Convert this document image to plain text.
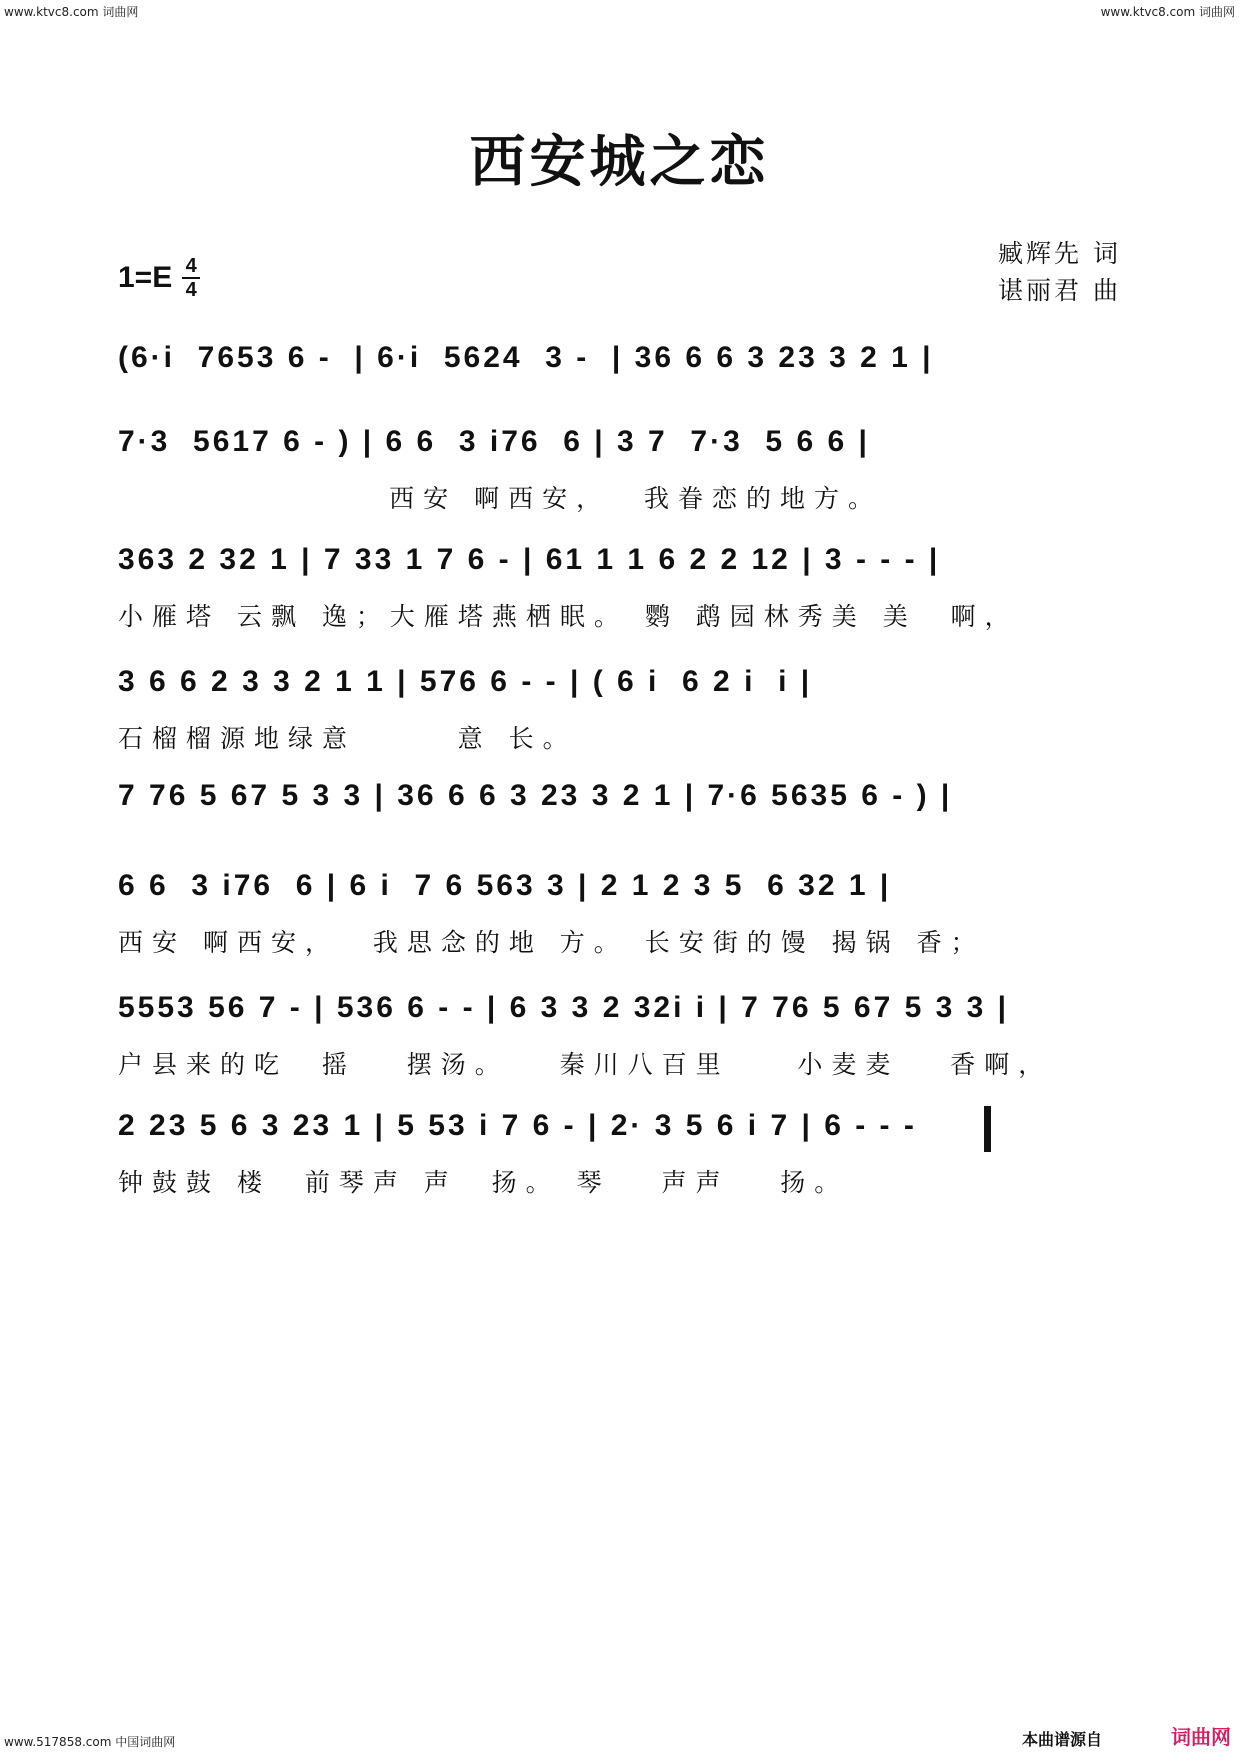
www.ktvc8.com 词曲网	www.ktvc8.com 词曲网
西安城之恋
1=E 4
4
臧辉先 词
谌丽君 曲
(6·i  7653 6 -  | 6·i  5624  3 -  | 36 6 6 3 23 3 2 1 |
7·3  5617 6 - ) | 6 6  3 i76  6 | 3 7  7·3  5 6 6 |
西安 啊西安，  我眷恋的地方。
363 2 32 1 | 7 33 1 7 6 - | 61 1 1 6 2 2 12 | 3 - - - |
小雁塔 云飘 逸；大雁塔燕栖眠。 鹦 鹉园林秀美 美  啊，
3 6 6 2 3 3 2 1 1 | 576 6 - - | ( 6 i  6 2 i  i |
石榴榴源地绿意      意 长。
7 76 5 67 5 3 3 | 36 6 6 3 23 3 2 1 | 7·6 5635 6 - ) |
6 6  3 i76  6 | 6 i  7 6 563 3 | 2 1 2 3 5  6 32 1 |
西安 啊西安，  我思念的地 方。 长安街的馒 揭锅 香；
5553 56 7 - | 536 6 - - | 6 3 3 2 32i i | 7 76 5 67 5 3 3 |
户县来的吃  摇   摆汤。   秦川八百里    小麦麦   香啊，
2 23 5 6 3 23 1 | 5 53 i 7 6 - | 2· 3 5 6 i 7 | 6 - - -
钟鼓鼓 楼  前琴声 声  扬。 琴   声声   扬。
www.517858.com 中国词曲网	本曲谱源自	词曲网
